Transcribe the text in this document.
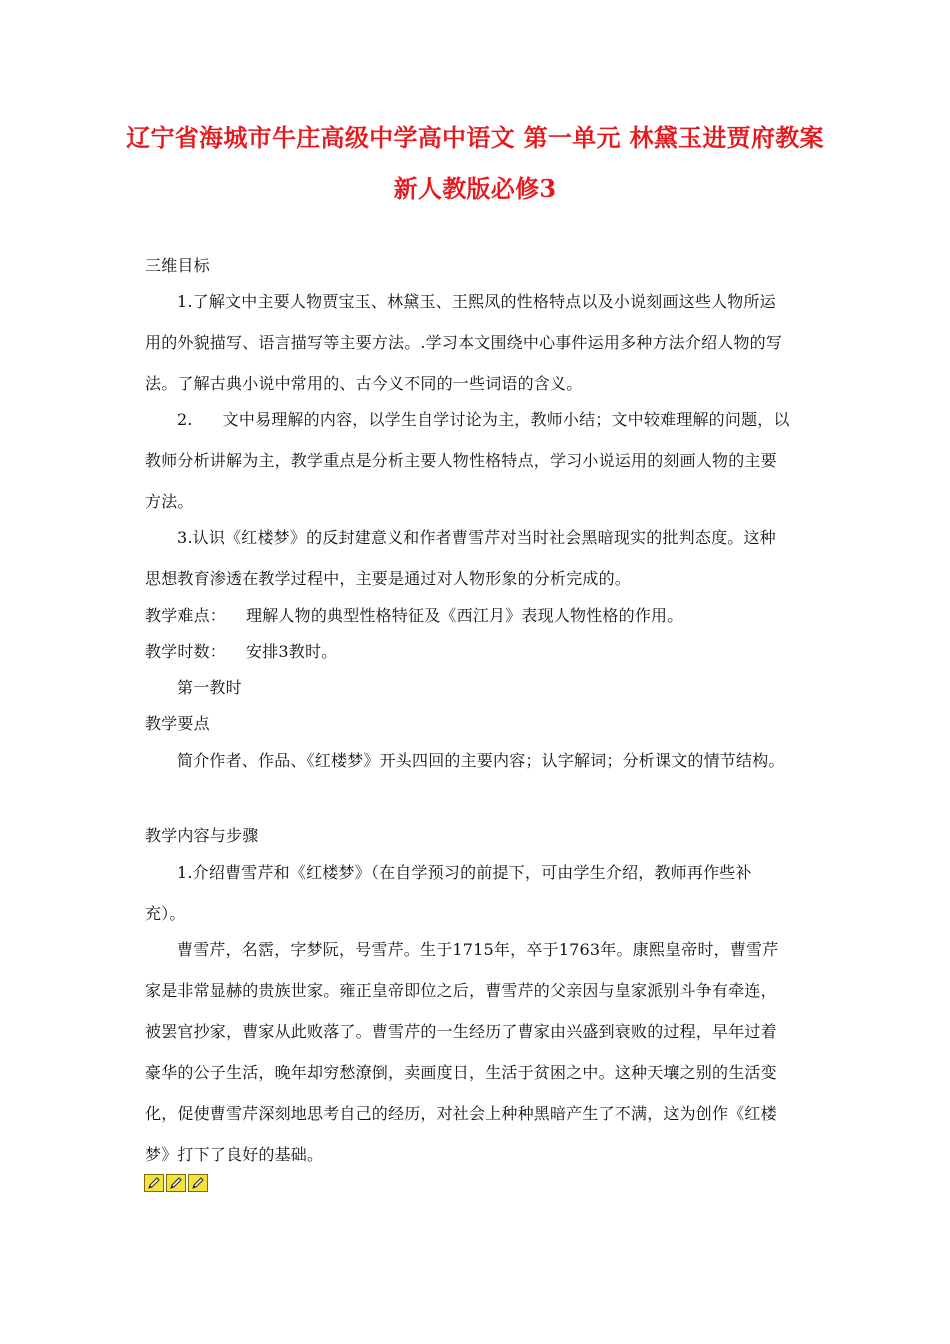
辽宁省海城市牛庄高级中学高中语文 第一单元 林黛玉进贾府教案
新人教版必修3
三维目标
1.了解文中主要人物贾宝玉、林黛玉、王熙凤的性格特点以及小说刻画这些人物所运
用的外貌描写、语言描写等主要方法。.学习本文围绕中心事件运用多种方法介绍人物的写
法。了解古典小说中常用的、古今义不同的一些词语的含义。
2. 文中易理解的内容，以学生自学讨论为主，教师小结；文中较难理解的问题，以
教师分析讲解为主，教学重点是分析主要人物性格特点，学习小说运用的刻画人物的主要
方法。
3.认识《红楼梦》的反封建意义和作者曹雪芹对当时社会黑暗现实的批判态度。这种
思想教育渗透在教学过程中，主要是通过对人物形象的分析完成的。
教学难点： 理解人物的典型性格特征及《西江月》表现人物性格的作用。
教学时数： 安排3教时。
第一教时
教学要点
简介作者、作品、《红楼梦》开头四回的主要内容；认字解词；分析课文的情节结构。
教学内容与步骤
1.介绍曹雪芹和《红楼梦》（在自学预习的前提下，可由学生介绍，教师再作些补
充）。
曹雪芹，名霑，字梦阮，号雪芹。生于1715年，卒于1763年。康熙皇帝时，曹雪芹
家是非常显赫的贵族世家。雍正皇帝即位之后，曹雪芹的父亲因与皇家派别斗争有牵连，
被罢官抄家，曹家从此败落了。曹雪芹的一生经历了曹家由兴盛到衰败的过程，早年过着
豪华的公子生活，晚年却穷愁潦倒，卖画度日，生活于贫困之中。这种天壤之别的生活变
化，促使曹雪芹深刻地思考自己的经历，对社会上种种黑暗产生了不满，这为创作《红楼
梦》打下了良好的基础。
